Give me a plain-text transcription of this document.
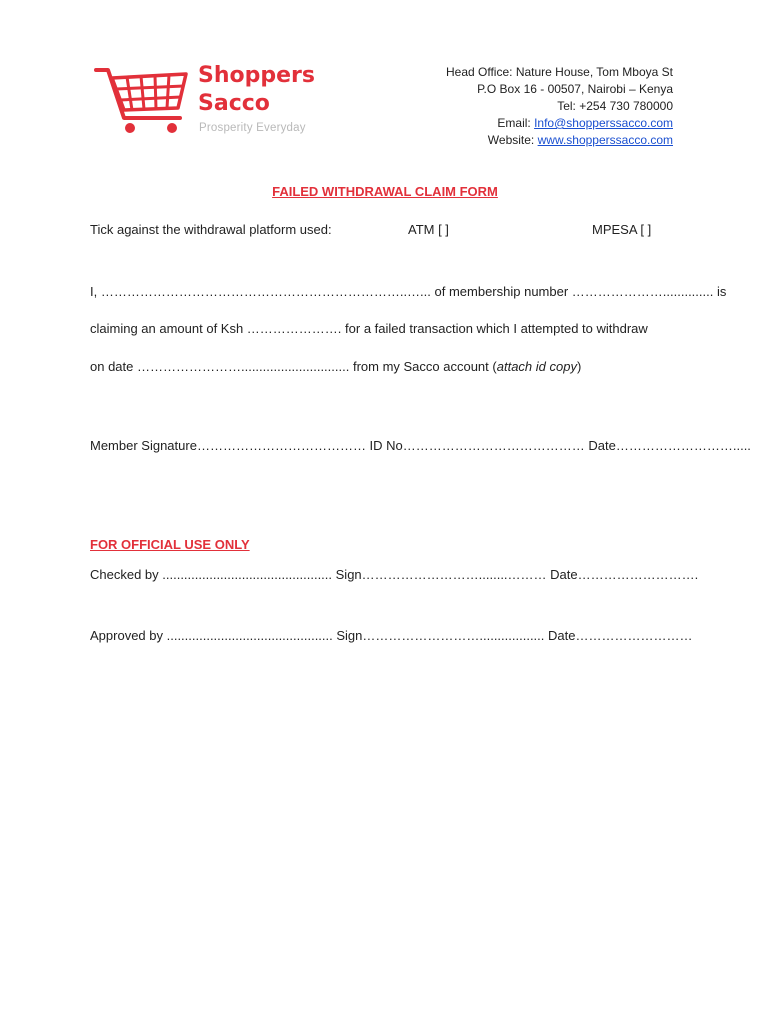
Shoppers
Sacco
Prosperity Everyday
Head Office: Nature House, Tom Mboya St
P.O Box 16 - 00507, Nairobi – Kenya
Tel: +254 730 780000
Email: Info@shopperssacco.com
Website: www.shopperssacco.com
FAILED WITHDRAWAL CLAIM FORM
Tick against the withdrawal platform used:	ATM [ ]	MPESA [ ]
I, ……………………………………………………………..…... of membership number ………………….............. is
claiming an amount of Ksh …………………. for a failed transaction which I attempted to withdraw
on date …………………….............................. from my Sacco account (attach id copy)
Member Signature………………………………… ID No…………………………………… Date……………………….....
FOR OFFICIAL USE ONLY
Checked by ............................................... Sign………………………........……… Date……………………….
Approved by .............................................. Sign……………………….................. Date………………………
